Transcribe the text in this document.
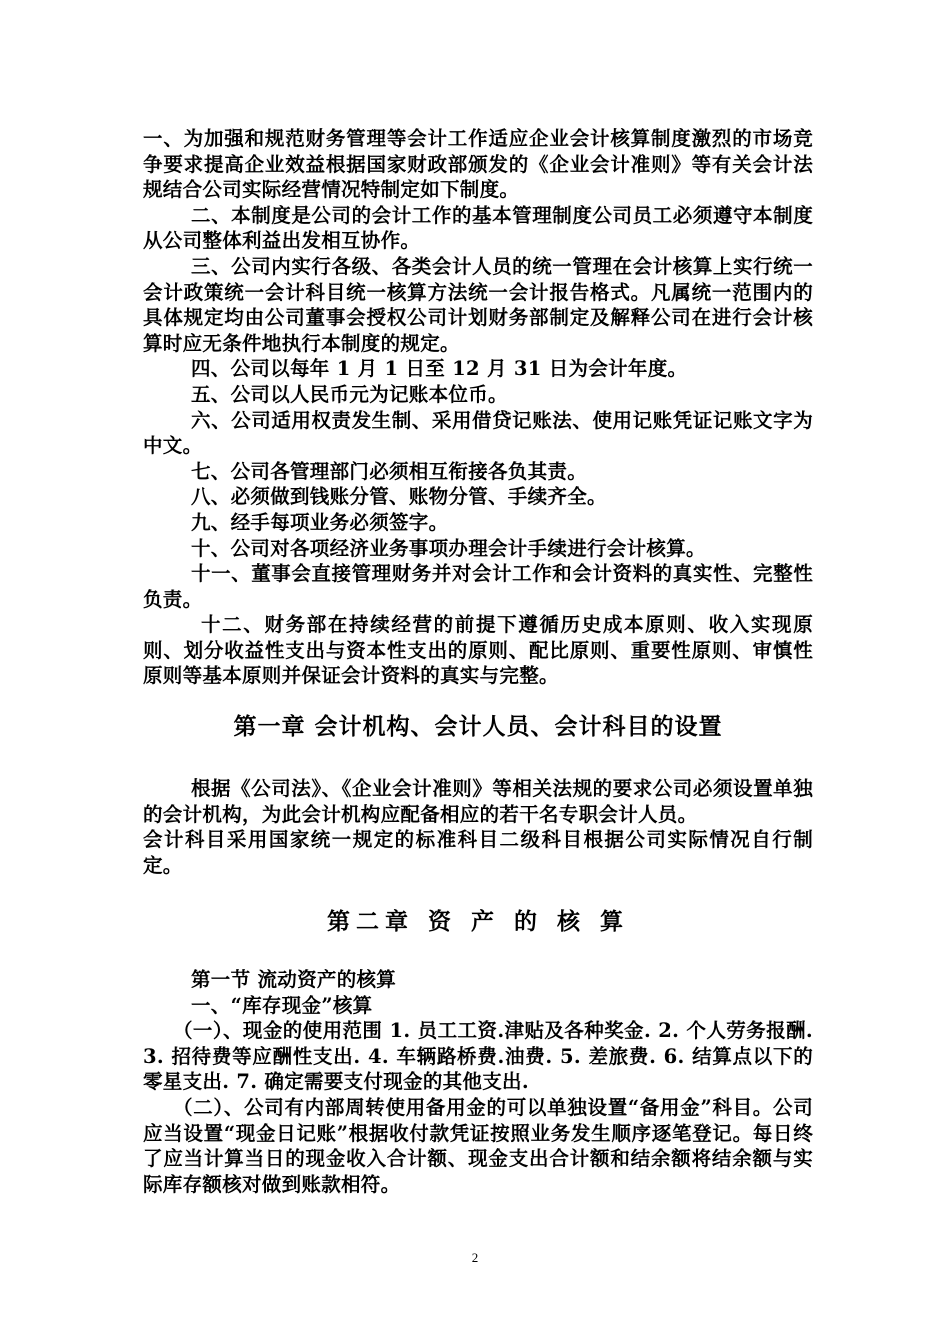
一、为加强和规范财务管理等会计工作适应企业会计核算制度激烈的市场竞争要求提高企业效益根据国家财政部颁发的《企业会计准则》等有关会计法规结合公司实际经营情况特制定如下制度。

二、本制度是公司的会计工作的基本管理制度公司员工必须遵守本制度从公司整体利益出发相互协作。

三、公司内实行各级、各类会计人员的统一管理在会计核算上实行统一会计政策统一会计科目统一核算方法统一会计报告格式。凡属统一范围内的具体规定均由公司董事会授权公司计划财务部制定及解释公司在进行会计核算时应无条件地执行本制度的规定。

四、公司以每年 1 月 1 日至 12 月 31 日为会计年度。

五、公司以人民币元为记账本位币。

六、公司适用权责发生制、采用借贷记账法、使用记账凭证记账文字为中文。

七、公司各管理部门必须相互衔接各负其责。

八、必须做到钱账分管、账物分管、手续齐全。

九、经手每项业务必须签字。

十、公司对各项经济业务事项办理会计手续进行会计核算。

十一、董事会直接管理财务并对会计工作和会计资料的真实性、完整性负责。

十二、财务部在持续经营的前提下遵循历史成本原则、收入实现原则、划分收益性支出与资本性支出的原则、配比原则、重要性原则、审慎性原则等基本原则并保证会计资料的真实与完整。

第一章 会计机构、会计人员、会计科目的设置

根据《公司法》、《企业会计准则》等相关法规的要求公司必须设置单独的会计机构，为此会计机构应配备相应的若干名专职会计人员。

会计科目采用国家统一规定的标准科目二级科目根据公司实际情况自行制定。

第二章 资 产 的 核 算

第一节 流动资产的核算

一、“库存现金”核算

（一）、现金的使用范围 1. 员工工资.津贴及各种奖金. 2. 个人劳务报酬. 3. 招待费等应酬性支出. 4. 车辆路桥费.油费. 5. 差旅费. 6. 结算点以下的零星支出. 7. 确定需要支付现金的其他支出.

（二）、公司有内部周转使用备用金的可以单独设置“备用金”科目。公司应当设置“现金日记账”根据收付款凭证按照业务发生顺序逐笔登记。每日终了应当计算当日的现金收入合计额、现金支出合计额和结余额将结余额与实际库存额核对做到账款相符。

2
